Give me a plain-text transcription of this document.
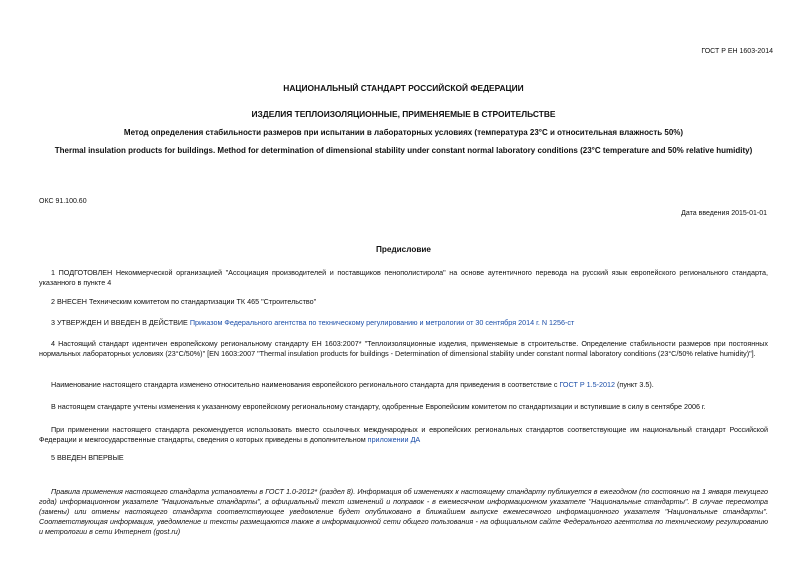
ГОСТ Р ЕН 1603-2014
НАЦИОНАЛЬНЫЙ СТАНДАРТ РОССИЙСКОЙ ФЕДЕРАЦИИ
ИЗДЕЛИЯ ТЕПЛОИЗОЛЯЦИОННЫЕ, ПРИМЕНЯЕМЫЕ В СТРОИТЕЛЬСТВЕ
Метод определения стабильности размеров при испытании в лабораторных условиях (температура 23°С и относительная влажность 50%)
Thermal insulation products for buildings. Method for determination of dimensional stability under constant normal laboratory conditions (23°C temperature and 50% relative humidity)
ОКС 91.100.60
Дата введения 2015-01-01
Предисловие
1 ПОДГОТОВЛЕН Некоммерческой организацией "Ассоциация производителей и поставщиков пенополистирола" на основе аутентичного перевода на русский язык европейского регионального стандарта, указанного в пункте 4
2 ВНЕСЕН Техническим комитетом по стандартизации ТК 465 "Строительство"
3 УТВЕРЖДЕН И ВВЕДЕН В ДЕЙСТВИЕ Приказом Федерального агентства по техническому регулированию и метрологии от 30 сентября 2014 г. N 1256-ст
4 Настоящий стандарт идентичен европейскому региональному стандарту ЕН 1603:2007* "Теплоизоляционные изделия, применяемые в строительстве. Определение стабильности размеров при постоянных нормальных лабораторных условиях (23°С/50%)" [EN 1603:2007 "Thermal insulation products for buildings - Determination of dimensional stability under constant normal laboratory conditions (23°C/50% relative humidity)"].
Наименование настоящего стандарта изменено относительно наименования европейского регионального стандарта для приведения в соответствие с ГОСТ Р 1.5-2012 (пункт 3.5).
В настоящем стандарте учтены изменения к указанному европейскому региональному стандарту, одобренные Европейским комитетом по стандартизации и вступившие в силу в сентябре 2006 г.
При применении настоящего стандарта рекомендуется использовать вместо ссылочных международных и европейских региональных стандартов соответствующие им национальный стандарт Российской Федерации и межгосударственные стандарты, сведения о которых приведены в дополнительном приложении ДА
5 ВВЕДЕН ВПЕРВЫЕ
Правила применения настоящего стандарта установлены в ГОСТ 1.0-2012* (раздел 8). Информация об изменениях к настоящему стандарту публикуется в ежегодном (по состоянию на 1 января текущего года) информационном указателе "Национальные стандарты", а официальный текст изменений и поправок - в ежемесячном информационном указателе "Национальные стандарты". В случае пересмотра (замены) или отмены настоящего стандарта соответствующее уведомление будет опубликовано в ближайшем выпуске ежемесячного информационного указателя "Национальные стандарты". Соответствующая информация, уведомление и тексты размещаются также в информационной сети общего пользования - на официальном сайте Федерального агентства по техническому регулированию и метрологии в сети Интернет (gost.ru)
